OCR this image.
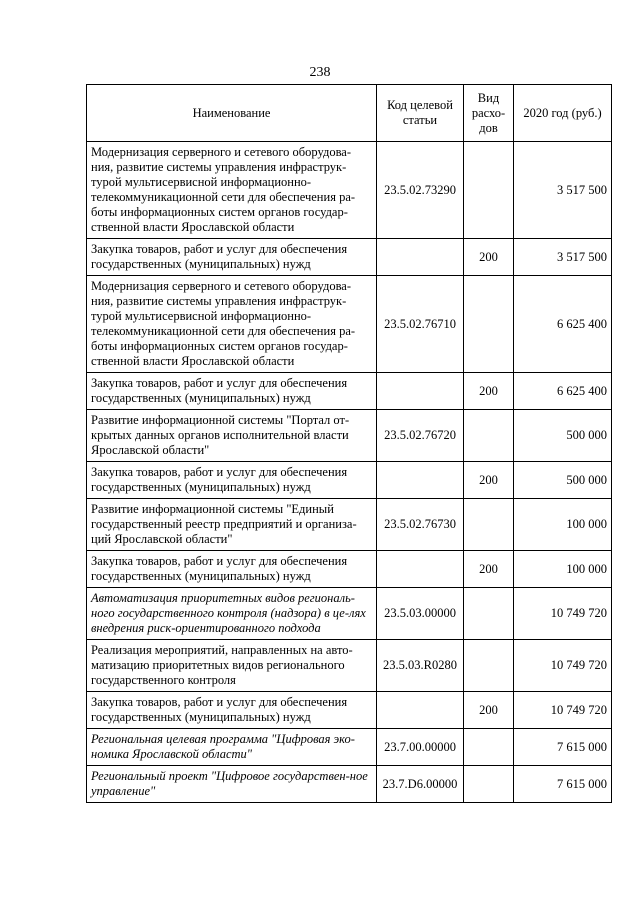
238
Наименование	Код целевой статьи	Вид расхо-дов	2020 год (руб.)
Модернизация серверного и сетевого оборудова-ния, развитие системы управления инфраструк-турой мультисервисной информационно-телекоммуникационной сети для обеспечения ра-боты информационных систем органов государ-ственной власти Ярославской области	23.5.02.73290		3 517 500
Закупка товаров, работ и услуг для обеспечения государственных (муниципальных) нужд		200	3 517 500
Модернизация серверного и сетевого оборудова-ния, развитие системы управления инфраструк-турой мультисервисной информационно-телекоммуникационной сети для обеспечения ра-боты информационных систем органов государ-ственной власти Ярославской области	23.5.02.76710		6 625 400
Закупка товаров, работ и услуг для обеспечения государственных (муниципальных) нужд		200	6 625 400
Развитие информационной системы "Портал от-крытых данных органов исполнительной власти Ярославской области"	23.5.02.76720		500 000
Закупка товаров, работ и услуг для обеспечения государственных (муниципальных) нужд		200	500 000
Развитие информационной системы "Единый государственный реестр предприятий и организа-ций Ярославской области"	23.5.02.76730		100 000
Закупка товаров, работ и услуг для обеспечения государственных (муниципальных) нужд		200	100 000
Автоматизация приоритетных видов региональ-ного государственного контроля (надзора) в це-лях внедрения риск-ориентированного подхода	23.5.03.00000		10 749 720
Реализация мероприятий, направленных на авто-матизацию приоритетных видов регионального государственного контроля	23.5.03.R0280		10 749 720
Закупка товаров, работ и услуг для обеспечения государственных (муниципальных) нужд		200	10 749 720
Региональная целевая программа "Цифровая эко-номика Ярославской области"	23.7.00.00000		7 615 000
Региональный проект "Цифровое государствен-ное управление"	23.7.D6.00000		7 615 000
